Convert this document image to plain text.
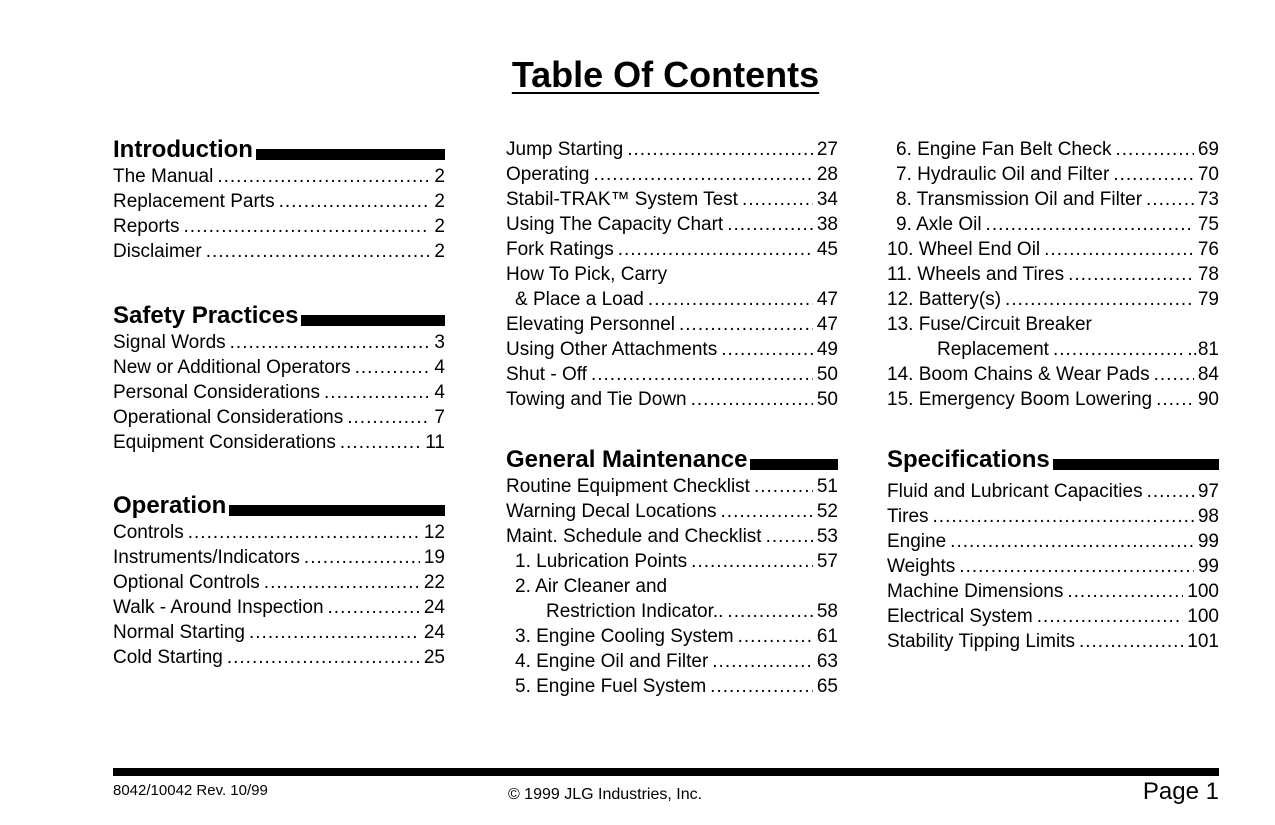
Table Of Contents
Introduction
The Manual .....	2
Replacement Parts .....	2
Reports .....	2
Disclaimer .....	2
Safety Practices
Signal Words .....	3
New or Additional Operators .....	4
Personal Considerations .....	4
Operational Considerations .....	7
Equipment Considerations .....	11
Operation
Controls .....	12
Instruments/Indicators .....	19
Optional Controls .....	22
Walk - Around Inspection .....	24
Normal Starting .....	24
Cold Starting .....	25
Jump Starting .....	27
Operating .....	28
Stabil-TRAK™ System Test .....	34
Using The Capacity Chart .....	38
Fork Ratings .....	45
How To Pick, Carry
& Place a Load .....	47
Elevating Personnel .....	47
Using Other Attachments .....	49
Shut - Off .....	50
Towing and Tie Down .....	50
General Maintenance
Routine Equipment Checklist .....	51
Warning Decal Locations .....	52
Maint. Schedule and Checklist .....	53
1. Lubrication Points .....	57
2. Air Cleaner and
Restriction Indicator.. .....	58
3. Engine Cooling System .....	61
4. Engine Oil and Filter .....	63
5. Engine Fuel System .....	65
6. Engine Fan Belt Check .....	69
7. Hydraulic Oil and Filter .....	70
8. Transmission Oil and Filter .....	73
9. Axle Oil .....	75
10. Wheel End Oil .....	76
11. Wheels and Tires .....	78
12. Battery(s) .....	79
13. Fuse/Circuit Breaker
Replacement .....	..81
14. Boom Chains & Wear Pads .....	84
15. Emergency Boom Lowering ..... 90
Specifications
Fluid and Lubricant Capacities .....	97
Tires .....	98
Engine .....	99
Weights .....	99
Machine Dimensions .....	100
Electrical System .....	100
Stability Tipping Limits .....	101
8042/10042 Rev. 10/99	© 1999 JLG Industries, Inc.	Page 1
